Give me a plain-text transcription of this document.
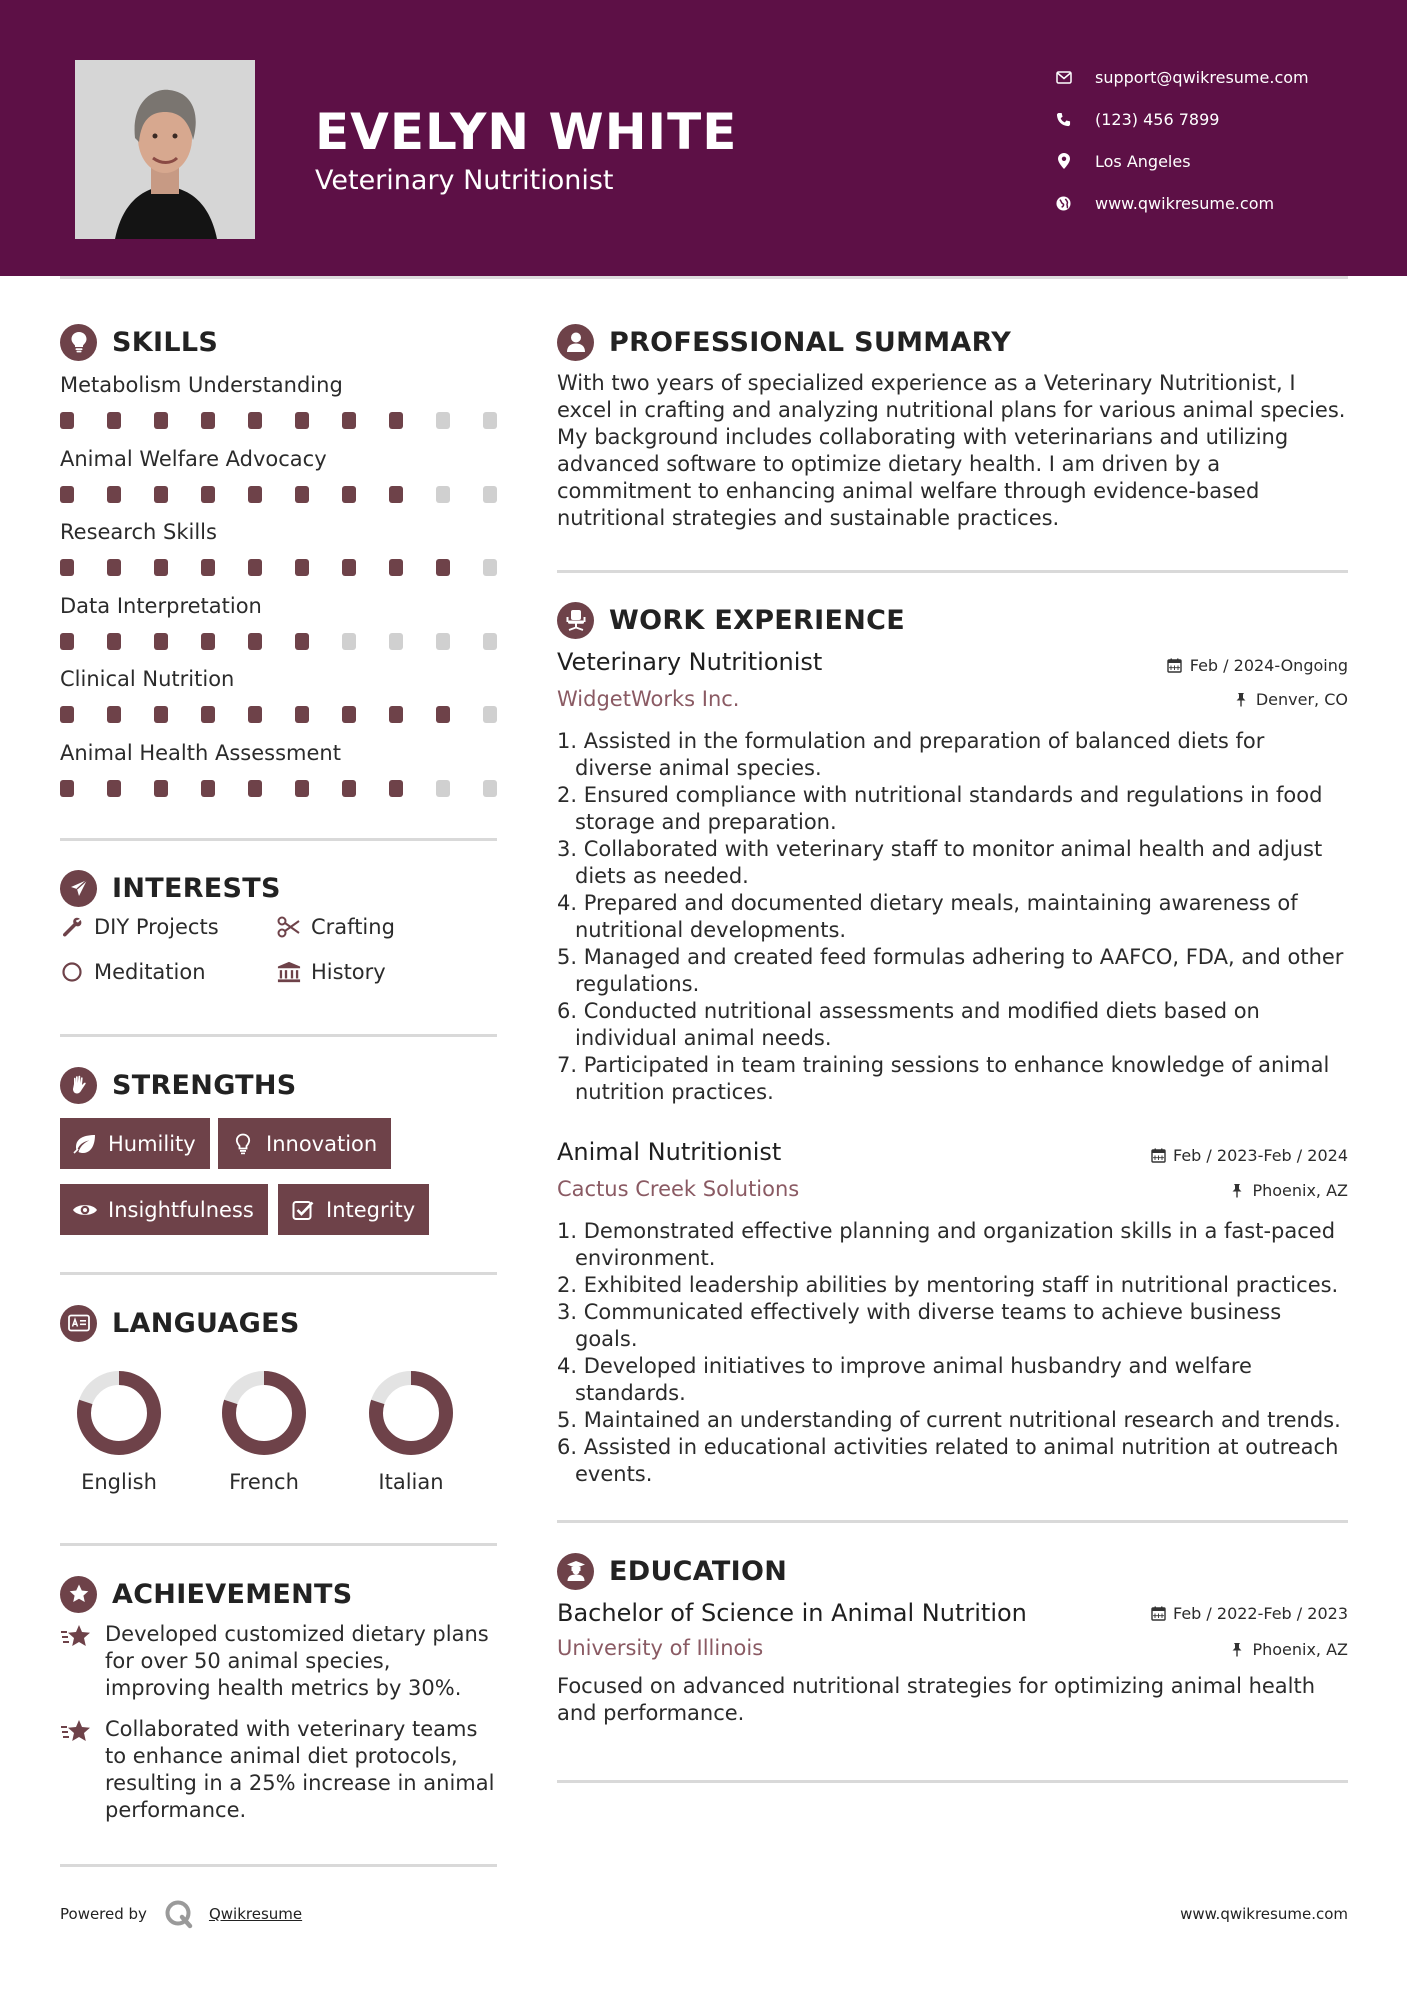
EVELYN WHITE
Veterinary Nutritionist
support@qwikresume.com
(123) 456 7899
Los Angeles
www.qwikresume.com
SKILLS
Metabolism Understanding
Animal Welfare Advocacy
Research Skills
Data Interpretation
Clinical Nutrition
Animal Health Assessment
INTERESTS
DIY Projects	Crafting
Meditation	History
STRENGTHS
Humility	Innovation
Insightfulness	Integrity
LANGUAGES
English	French	Italian
ACHIEVEMENTS
Developed customized dietary plans for over 50 animal species, improving health metrics by 30%.
Collaborated with veterinary teams to enhance animal diet protocols, resulting in a 25% increase in animal performance.
PROFESSIONAL SUMMARY
With two years of specialized experience as a Veterinary Nutritionist, I excel in crafting and analyzing nutritional plans for various animal species. My background includes collaborating with veterinarians and utilizing advanced software to optimize dietary health. I am driven by a commitment to enhancing animal welfare through evidence-based nutritional strategies and sustainable practices.
WORK EXPERIENCE
Veterinary Nutritionist	Feb / 2024-Ongoing
WidgetWorks Inc.	Denver, CO
1. Assisted in the formulation and preparation of balanced diets for diverse animal species.
2. Ensured compliance with nutritional standards and regulations in food storage and preparation.
3. Collaborated with veterinary staff to monitor animal health and adjust diets as needed.
4. Prepared and documented dietary meals, maintaining awareness of nutritional developments.
5. Managed and created feed formulas adhering to AAFCO, FDA, and other regulations.
6. Conducted nutritional assessments and modified diets based on individual animal needs.
7. Participated in team training sessions to enhance knowledge of animal nutrition practices.
Animal Nutritionist	Feb / 2023-Feb / 2024
Cactus Creek Solutions	Phoenix, AZ
1. Demonstrated effective planning and organization skills in a fast-paced environment.
2. Exhibited leadership abilities by mentoring staff in nutritional practices.
3. Communicated effectively with diverse teams to achieve business goals.
4. Developed initiatives to improve animal husbandry and welfare standards.
5. Maintained an understanding of current nutritional research and trends.
6. Assisted in educational activities related to animal nutrition at outreach events.
EDUCATION
Bachelor of Science in Animal Nutrition	Feb / 2022-Feb / 2023
University of Illinois	Phoenix, AZ
Focused on advanced nutritional strategies for optimizing animal health and performance.
Powered by	Qwikresume	www.qwikresume.com
